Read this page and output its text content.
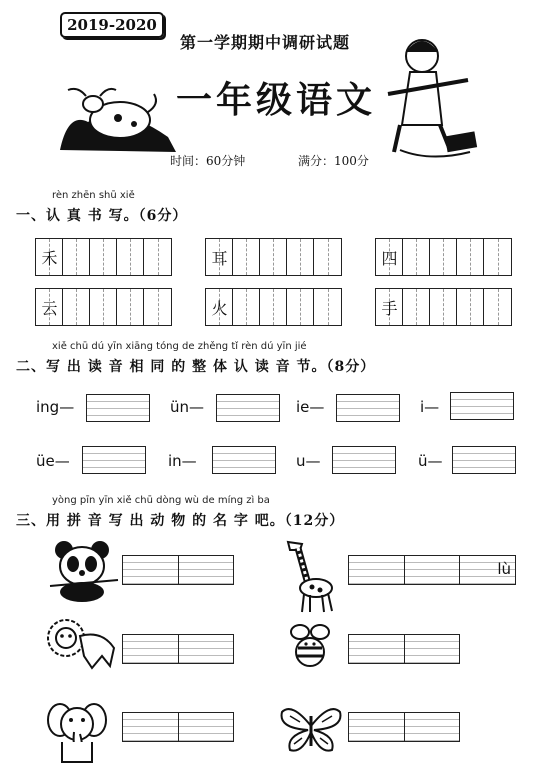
2019-2020
第一学期期中调研试题
一年级语文
时间：60分钟	满分：100分
rèn zhēn shū xiě
一、认 真 书 写。（6分）
禾	耳	四
云	火	手
xiě chū dú yīn xiāng tóng de zhěng tǐ rèn dú yīn jié
二、写 出 读 音 相 同 的 整 体 认 读 音 节。（8分）
ing—	ün—	ie—	i—
üe—	in—	u—	ü—
yòng pīn yīn xiě chū dòng wù de míng zì ba
三、用 拼 音 写 出 动 物 的 名 字 吧。（12分）
lù
